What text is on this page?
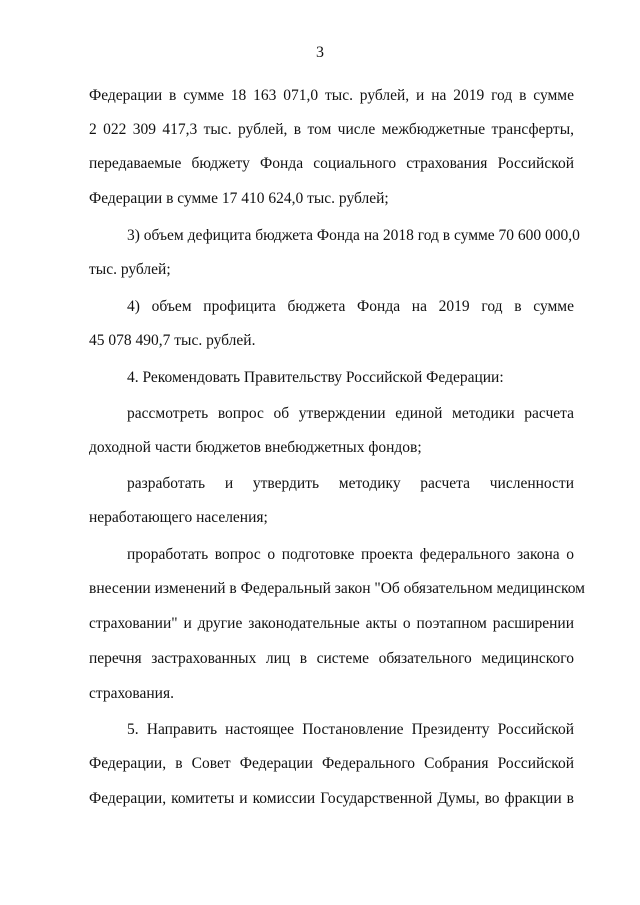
3
Федерации в сумме 18 163 071,0 тыс. рублей, и на 2019 год в сумме
2 022 309 417,3 тыс. рублей, в том числе межбюджетные трансферты,
передаваемые бюджету Фонда социального страхования Российской
Федерации в сумме 17 410 624,0 тыс. рублей;
3) объем дефицита бюджета Фонда на 2018 год в сумме 70 600 000,0
тыс. рублей;
4) объем профицита бюджета Фонда на 2019 год в сумме
45 078 490,7 тыс. рублей.
4. Рекомендовать Правительству Российской Федерации:
рассмотреть вопрос об утверждении единой методики расчета
доходной части бюджетов внебюджетных фондов;
разработать и утвердить методику расчета численности
неработающего населения;
проработать вопрос о подготовке проекта федерального закона о
внесении изменений в Федеральный закон "Об обязательном медицинском
страховании" и другие законодательные акты о поэтапном расширении
перечня застрахованных лиц в системе обязательного медицинского
страхования.
5. Направить настоящее Постановление Президенту Российской
Федерации, в Совет Федерации Федерального Собрания Российской
Федерации, комитеты и комиссии Государственной Думы, во фракции в
